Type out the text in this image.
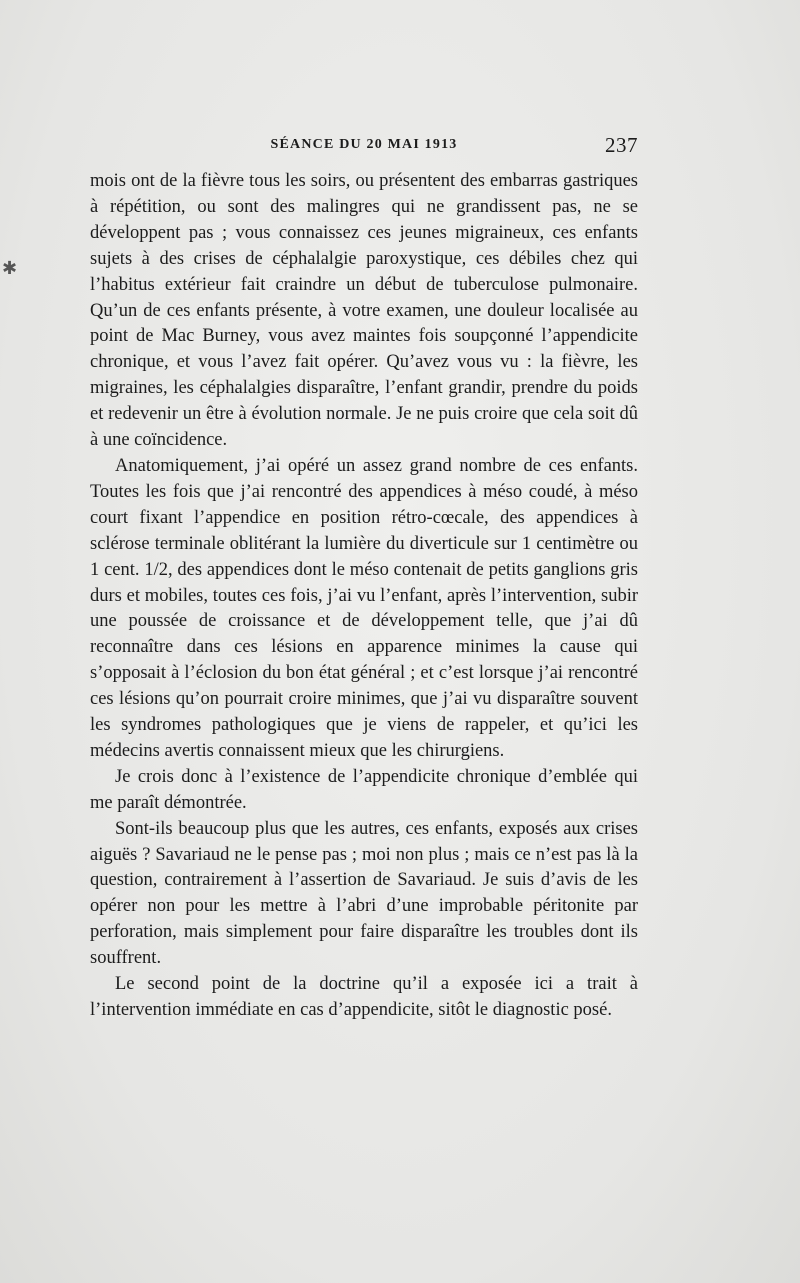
✱
SÉANCE DU 20 MAI 1913	237

mois ont de la fièvre tous les soirs, ou présentent des embarras gastriques à répétition, ou sont des malingres qui ne grandissent pas, ne se développent pas ; vous connaissez ces jeunes migraineux, ces enfants sujets à des crises de céphalalgie paroxystique, ces débiles chez qui l’habitus extérieur fait craindre un début de tuberculose pulmonaire. Qu’un de ces enfants présente, à votre examen, une douleur localisée au point de Mac Burney, vous avez maintes fois soupçonné l’appendicite chronique, et vous l’avez fait opérer. Qu’avez vous vu : la fièvre, les migraines, les céphalalgies disparaître, l’enfant grandir, prendre du poids et redevenir un être à évolution normale. Je ne puis croire que cela soit dû à une coïncidence.

Anatomiquement, j’ai opéré un assez grand nombre de ces enfants. Toutes les fois que j’ai rencontré des appendices à méso coudé, à méso court fixant l’appendice en position rétro-cœcale, des appendices à sclérose terminale oblitérant la lumière du diverticule sur 1 centimètre ou 1 cent. 1/2, des appendices dont le méso contenait de petits ganglions gris durs et mobiles, toutes ces fois, j’ai vu l’enfant, après l’intervention, subir une poussée de croissance et de développement telle, que j’ai dû reconnaître dans ces lésions en apparence minimes la cause qui s’opposait à l’éclosion du bon état général ; et c’est lorsque j’ai rencontré ces lésions qu’on pourrait croire minimes, que j’ai vu disparaître souvent les syndromes pathologiques que je viens de rappeler, et qu’ici les médecins avertis connaissent mieux que les chirurgiens.

Je crois donc à l’existence de l’appendicite chronique d’emblée qui me paraît démontrée.

Sont-ils beaucoup plus que les autres, ces enfants, exposés aux crises aiguës ? Savariaud ne le pense pas ; moi non plus ; mais ce n’est pas là la question, contrairement à l’assertion de Savariaud. Je suis d’avis de les opérer non pour les mettre à l’abri d’une improbable péritonite par perforation, mais simplement pour faire disparaître les troubles dont ils souffrent.

Le second point de la doctrine qu’il a exposée ici a trait à l’intervention immédiate en cas d’appendicite, sitôt le diagnostic posé.
